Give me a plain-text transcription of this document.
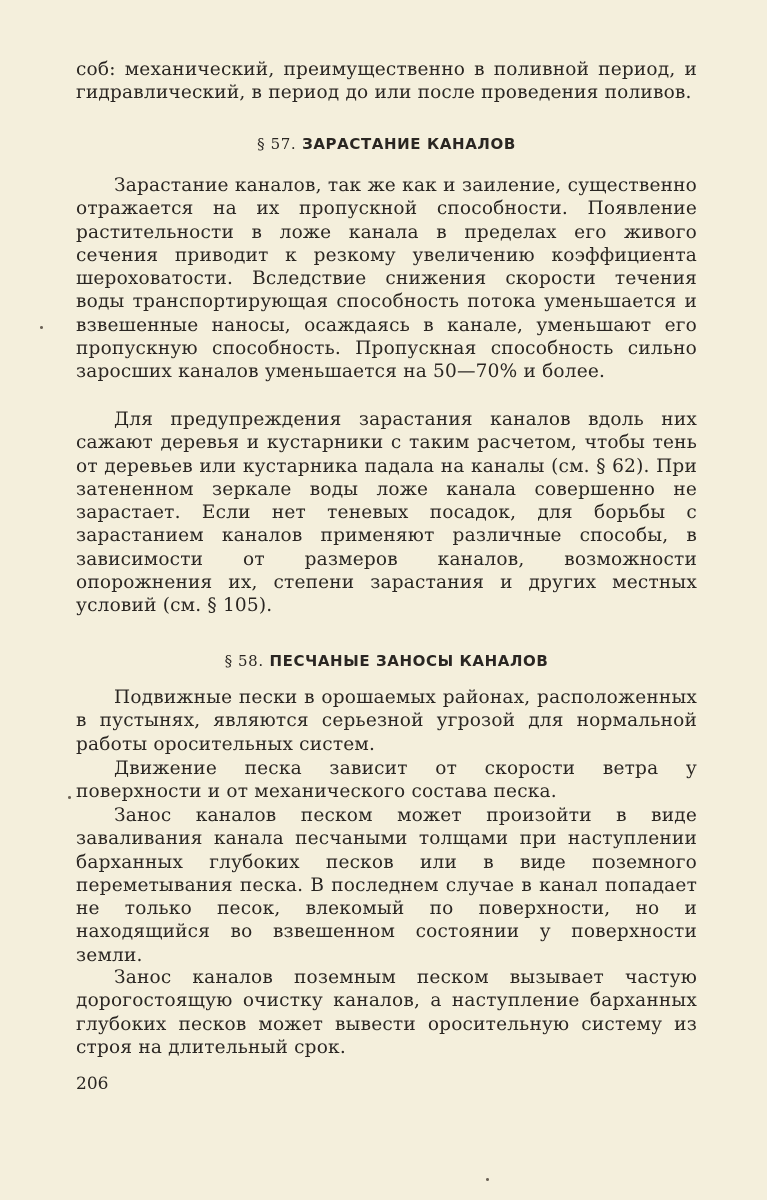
соб: механический, преимущественно в поливной период, и гидравлический, в период до или после проведения поливов.

§ 57. ЗАРАСТАНИЕ КАНАЛОВ

Зарастание каналов, так же как и заиление, существенно отражается на их пропускной способности. Появление растительности в ложе канала в пределах его живого сечения приводит к резкому увеличению коэффициента шероховатости. Вследствие снижения скорости течения воды транспортирующая способность потока уменьшается и взвешенные наносы, осаждаясь в канале, уменьшают его пропускную способность. Пропускная способность сильно заросших каналов уменьшается на 50—70% и более.

Для предупреждения зарастания каналов вдоль них сажают деревья и кустарники с таким расчетом, чтобы тень от деревьев или кустарника падала на каналы (см. § 62). При затененном зеркале воды ложе канала совершенно не зарастает. Если нет теневых посадок, для борьбы с зарастанием каналов применяют различные способы, в зависимости от размеров каналов, возможности опорожнения их, степени зарастания и других местных условий (см. § 105).

§ 58. ПЕСЧАНЫЕ ЗАНОСЫ КАНАЛОВ

Подвижные пески в орошаемых районах, расположенных в пустынях, являются серьезной угрозой для нормальной работы оросительных систем.

Движение песка зависит от скорости ветра у поверхности и от механического состава песка.

Занос каналов песком может произойти в виде заваливания канала песчаными толщами при наступлении барханных глубоких песков или в виде поземного переметывания песка. В последнем случае в канал попадает не только песок, влекомый по поверхности, но и находящийся во взвешенном состоянии у поверхности земли.

Занос каналов поземным песком вызывает частую дорогостоящую очистку каналов, а наступление барханных глубоких песков может вывести оросительную систему из строя на длительный срок.

206
